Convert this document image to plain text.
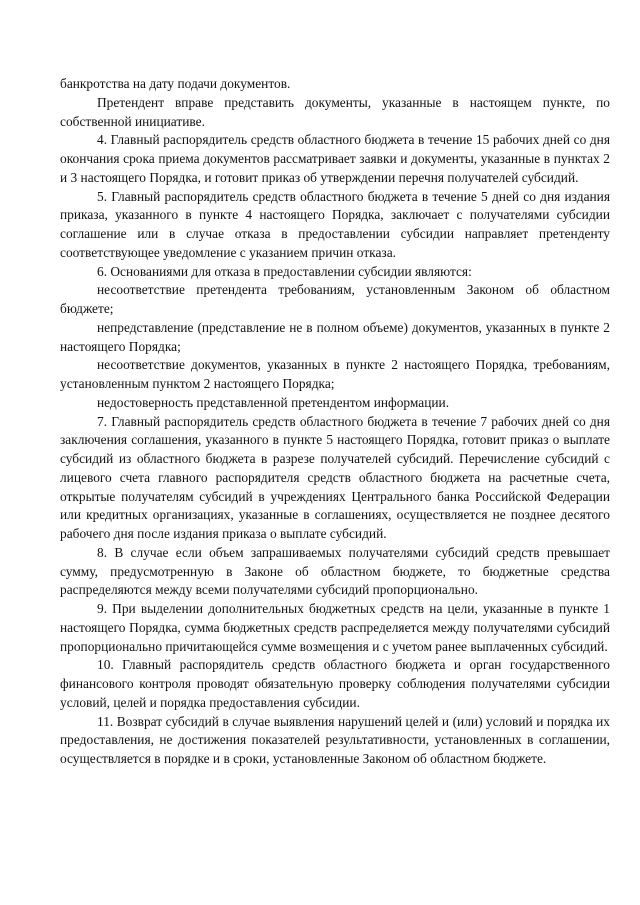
банкротства на дату подачи документов.

Претендент вправе представить документы, указанные в настоящем пункте, по собственной инициативе.

4. Главный распорядитель средств областного бюджета в течение 15 рабочих дней со дня окончания срока приема документов рассматривает заявки и документы, указанные в пунктах 2 и 3 настоящего Порядка, и готовит приказ об утверждении перечня получателей субсидий.

5. Главный распорядитель средств областного бюджета в течение 5 дней со дня издания приказа, указанного в пункте 4 настоящего Порядка, заключает с получателями субсидии соглашение или в случае отказа в предоставлении субсидии направляет претенденту соответствующее уведомление с указанием причин отказа.

6. Основаниями для отказа в предоставлении субсидии являются:

несоответствие претендента требованиям, установленным Законом об областном бюджете;

непредставление (представление не в полном объеме) документов, указанных в пункте 2 настоящего Порядка;

несоответствие документов, указанных в пункте 2 настоящего Порядка, требованиям, установленным пунктом 2 настоящего Порядка;

недостоверность представленной претендентом информации.

7. Главный распорядитель средств областного бюджета в течение 7 рабочих дней со дня заключения соглашения, указанного в пункте 5 настоящего Порядка, готовит приказ о выплате субсидий из областного бюджета в разрезе получателей субсидий. Перечисление субсидий с лицевого счета главного распорядителя средств областного бюджета на расчетные счета, открытые получателям субсидий в учреждениях Центрального банка Российской Федерации или кредитных организациях, указанные в соглашениях, осуществляется не позднее десятого рабочего дня после издания приказа о выплате субсидий.

8. В случае если объем запрашиваемых получателями субсидий средств превышает сумму, предусмотренную в Законе об областном бюджете, то бюджетные средства распределяются между всеми получателями субсидий пропорционально.

9. При выделении дополнительных бюджетных средств на цели, указанные в пункте 1 настоящего Порядка, сумма бюджетных средств распределяется между получателями субсидий пропорционально причитающейся сумме возмещения и с учетом ранее выплаченных субсидий.

10. Главный распорядитель средств областного бюджета и орган государственного финансового контроля проводят обязательную проверку соблюдения получателями субсидии условий, целей и порядка предоставления субсидии.

11. Возврат субсидий в случае выявления нарушений целей и (или) условий и порядка их предоставления, не достижения показателей результативности, установленных в соглашении, осуществляется в порядке и в сроки, установленные Законом об областном бюджете.
